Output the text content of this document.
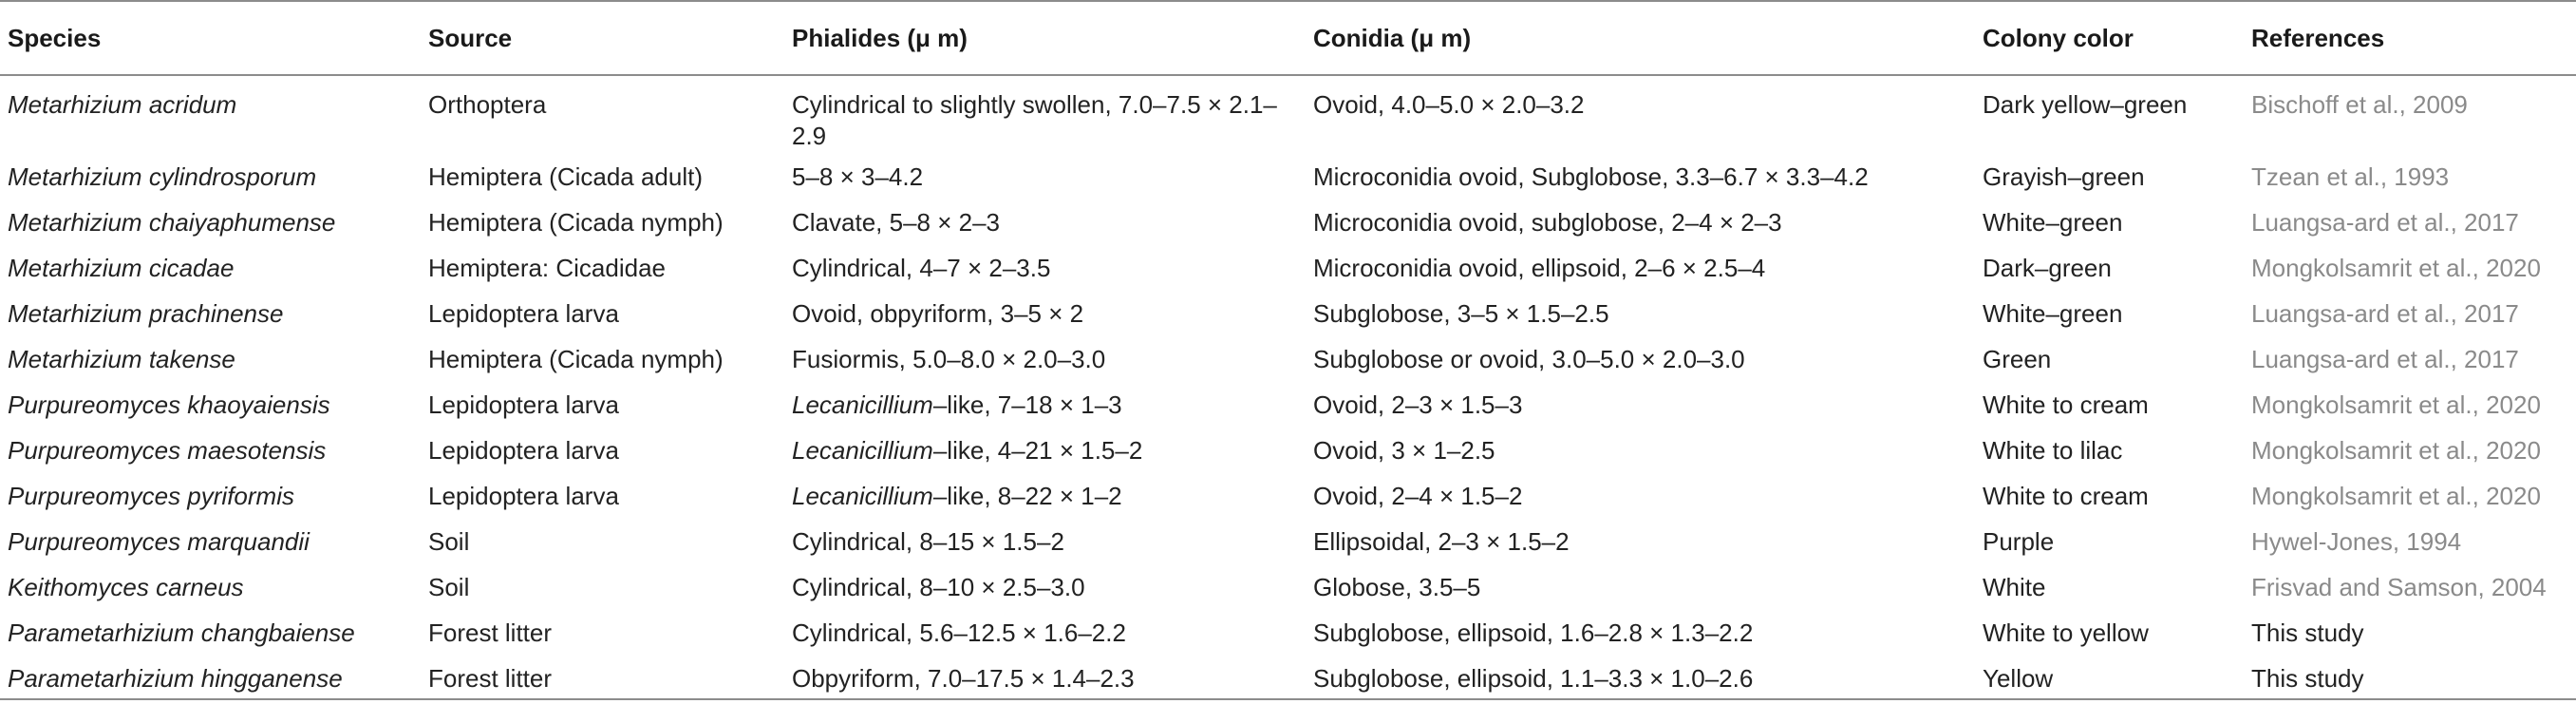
Species	Source	Phialides (μ m)	Conidia (μ m)	Colony color	References
Metarhizium acridum	Orthoptera	Cylindrical to slightly swollen, 7.0–7.5 × 2.1–2.9	Ovoid, 4.0–5.0 × 2.0–3.2	Dark yellow–green	Bischoff et al., 2009
Metarhizium cylindrosporum	Hemiptera (Cicada adult)	5–8 × 3–4.2	Microconidia ovoid, Subglobose, 3.3–6.7 × 3.3–4.2	Grayish–green	Tzean et al., 1993
Metarhizium chaiyaphumense	Hemiptera (Cicada nymph)	Clavate, 5–8 × 2–3	Microconidia ovoid, subglobose, 2–4 × 2–3	White–green	Luangsa-ard et al., 2017
Metarhizium cicadae	Hemiptera: Cicadidae	Cylindrical, 4–7 × 2–3.5	Microconidia ovoid, ellipsoid, 2–6 × 2.5–4	Dark–green	Mongkolsamrit et al., 2020
Metarhizium prachinense	Lepidoptera larva	Ovoid, obpyriform, 3–5 × 2	Subglobose, 3–5 × 1.5–2.5	White–green	Luangsa-ard et al., 2017
Metarhizium takense	Hemiptera (Cicada nymph)	Fusiormis, 5.0–8.0 × 2.0–3.0	Subglobose or ovoid, 3.0–5.0 × 2.0–3.0	Green	Luangsa-ard et al., 2017
Purpureomyces khaoyaiensis	Lepidoptera larva	Lecanicillium–like, 7–18 × 1–3	Ovoid, 2–3 × 1.5–3	White to cream	Mongkolsamrit et al., 2020
Purpureomyces maesotensis	Lepidoptera larva	Lecanicillium–like, 4–21 × 1.5–2	Ovoid, 3 × 1–2.5	White to lilac	Mongkolsamrit et al., 2020
Purpureomyces pyriformis	Lepidoptera larva	Lecanicillium–like, 8–22 × 1–2	Ovoid, 2–4 × 1.5–2	White to cream	Mongkolsamrit et al., 2020
Purpureomyces marquandii	Soil	Cylindrical, 8–15 × 1.5–2	Ellipsoidal, 2–3 × 1.5–2	Purple	Hywel-Jones, 1994
Keithomyces carneus	Soil	Cylindrical, 8–10 × 2.5–3.0	Globose, 3.5–5	White	Frisvad and Samson, 2004
Parametarhizium changbaiense	Forest litter	Cylindrical, 5.6–12.5 × 1.6–2.2	Subglobose, ellipsoid, 1.6–2.8 × 1.3–2.2	White to yellow	This study
Parametarhizium hingganense	Forest litter	Obpyriform, 7.0–17.5 × 1.4–2.3	Subglobose, ellipsoid, 1.1–3.3 × 1.0–2.6	Yellow	This study
